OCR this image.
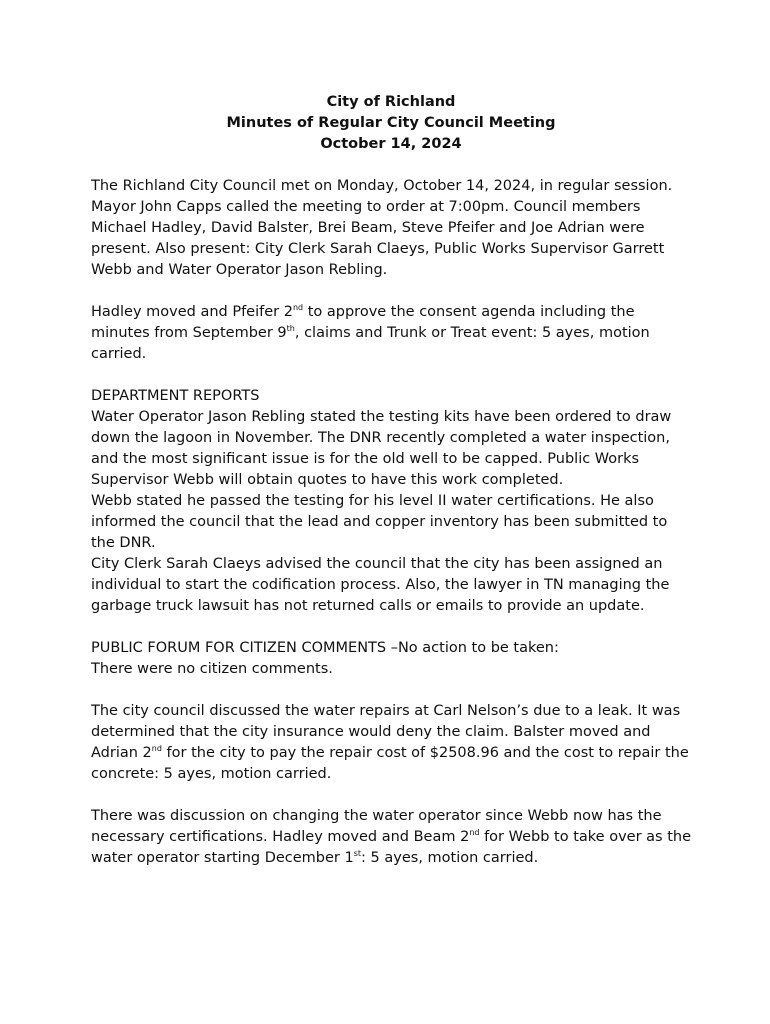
City of Richland
Minutes of Regular City Council Meeting
October 14, 2024

The Richland City Council met on Monday, October 14, 2024, in regular session. Mayor John Capps called the meeting to order at 7:00pm. Council members Michael Hadley, David Balster, Brei Beam, Steve Pfeifer and Joe Adrian were present. Also present: City Clerk Sarah Claeys, Public Works Supervisor Garrett Webb and Water Operator Jason Rebling.

Hadley moved and Pfeifer 2nd to approve the consent agenda including the minutes from September 9th, claims and Trunk or Treat event: 5 ayes, motion carried.

DEPARTMENT REPORTS

Water Operator Jason Rebling stated the testing kits have been ordered to draw down the lagoon in November. The DNR recently completed a water inspection, and the most significant issue is for the old well to be capped. Public Works Supervisor Webb will obtain quotes to have this work completed.

Webb stated he passed the testing for his level II water certifications. He also informed the council that the lead and copper inventory has been submitted to the DNR.

City Clerk Sarah Claeys advised the council that the city has been assigned an individual to start the codification process. Also, the lawyer in TN managing the garbage truck lawsuit has not returned calls or emails to provide an update.

PUBLIC FORUM FOR CITIZEN COMMENTS –No action to be taken:

There were no citizen comments.

The city council discussed the water repairs at Carl Nelson’s due to a leak. It was determined that the city insurance would deny the claim. Balster moved and Adrian 2nd for the city to pay the repair cost of $2508.96 and the cost to repair the concrete: 5 ayes, motion carried.

There was discussion on changing the water operator since Webb now has the necessary certifications. Hadley moved and Beam 2nd for Webb to take over as the water operator starting December 1st: 5 ayes, motion carried.
